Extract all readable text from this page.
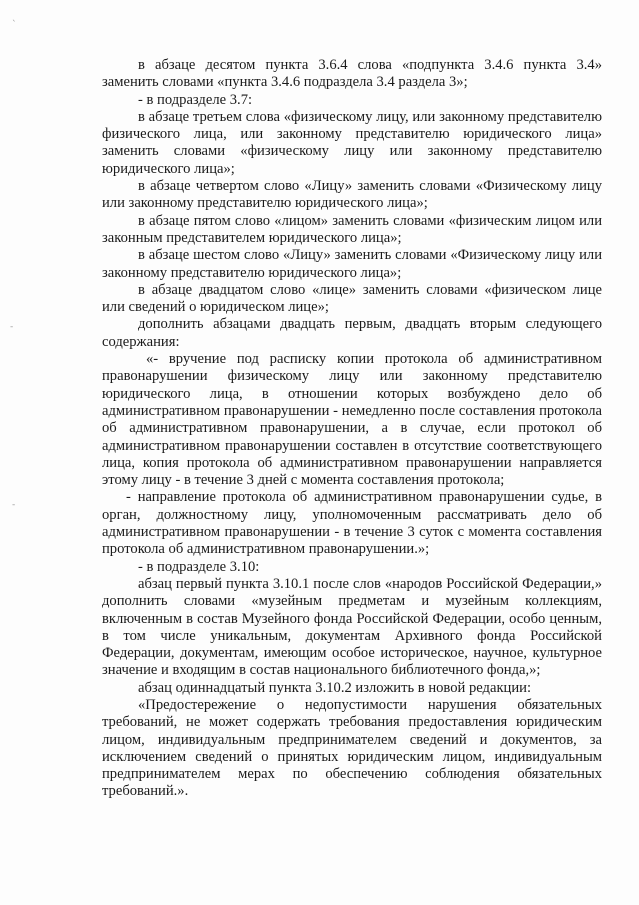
`
-
-

в абзаце десятом пункта 3.6.4 слова «подпункта 3.4.6 пункта 3.4» заменить словами «пункта 3.4.6 подраздела 3.4 раздела 3»;

- в подразделе 3.7:

в абзаце третьем слова «физическому лицу, или законному представителю физического лица, или законному представителю юридического лица» заменить словами «физическому лицу или законному представителю юридического лица»;

в абзаце четвертом слово «Лицу» заменить словами «Физическому лицу или законному представителю юридического лица»;

в абзаце пятом слово «лицом» заменить словами «физическим лицом или законным представителем юридического лица»;

в абзаце шестом слово «Лицу» заменить словами «Физическому лицу или законному представителю юридического лица»;

в абзаце двадцатом слово «лице» заменить словами «физическом лице или сведений о юридическом лице»;

дополнить абзацами двадцать первым, двадцать вторым следующего содержания:

«- вручение под расписку копии протокола об административном правонарушении физическому лицу или законному представителю юридического лица, в отношении которых возбуждено дело об административном правонарушении - немедленно после составления протокола об административном правонарушении, а в случае, если протокол об административном правонарушении составлен в отсутствие соответствующего лица, копия протокола об административном правонарушении направляется этому лицу - в течение 3 дней с момента составления протокола;

- направление протокола об административном правонарушении судье, в орган, должностному лицу, уполномоченным рассматривать дело об административном правонарушении - в течение 3 суток с момента составления протокола об административном правонарушении.»;

- в подразделе 3.10:

абзац первый пункта 3.10.1 после слов «народов Российской Федерации,» дополнить словами «музейным предметам и музейным коллекциям, включенным в состав Музейного фонда Российской Федерации, особо ценным, в том числе уникальным, документам Архивного фонда Российской Федерации, документам, имеющим особое историческое, научное, культурное значение и входящим в состав национального библиотечного фонда,»;

абзац одиннадцатый пункта 3.10.2 изложить в новой редакции:

«Предостережение о недопустимости нарушения обязательных требований, не может содержать требования предоставления юридическим лицом, индивидуальным предпринимателем сведений и документов, за исключением сведений о принятых юридическим лицом, индивидуальным предпринимателем мерах по обеспечению соблюдения обязательных требований.».
